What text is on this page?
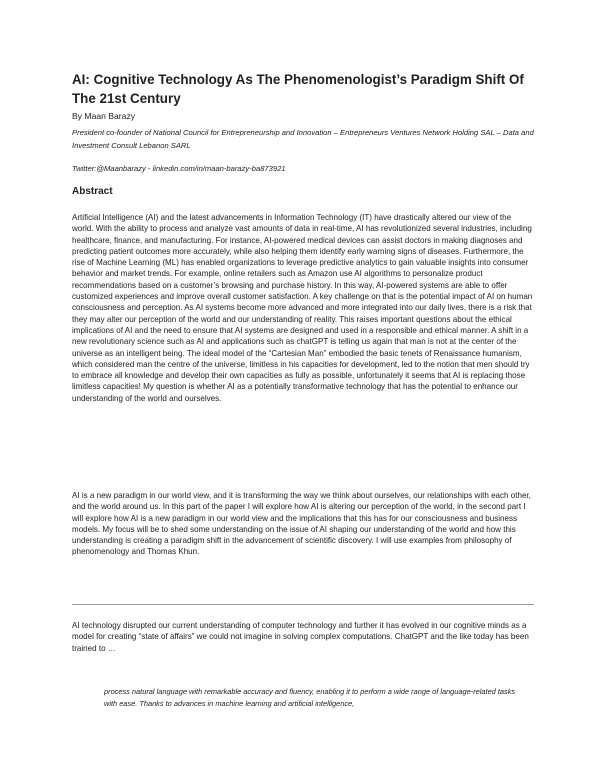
AI: Cognitive Technology As The Phenomenologist’s Paradigm Shift Of The 21st Century
By Maan Barazy
President co-founder of National Council for Entrepreneurship and Innovation – Entrepreneurs Ventures Network Holding SAL – Data and Investment Consult Lebanon SARL
Twitter:@Maanbarazy - linkedin.com/in/maan-barazy-ba873921
Abstract

Artificial Intelligence (AI) and the latest advancements in Information Technology (IT) have drastically altered our view of the world. With the ability to process and analyze vast amounts of data in real-time, AI has revolutionized several industries, including healthcare, finance, and manufacturing. For instance, AI-powered medical devices can assist doctors in making diagnoses and predicting patient outcomes more accurately, while also helping them identify early warning signs of diseases. Furthermore, the rise of Machine Learning (ML) has enabled organizations to leverage predictive analytics to gain valuable insights into consumer behavior and market trends. For example, online retailers such as Amazon use AI algorithms to personalize product recommendations based on a customer’s browsing and purchase history. In this way, AI-powered systems are able to offer customized experiences and improve overall customer satisfaction. A key challenge on that is the potential impact of AI on human consciousness and perception. As AI systems become more advanced and more integrated into our daily lives, there is a risk that they may alter our perception of the world and our understanding of reality. This raises important questions about the ethical implications of AI and the need to ensure that AI systems are designed and used in a responsible and ethical manner. A shift in a new revolutionary science such as AI and applications such as chatGPT is telling us again that man is not at the center of the universe as an intelligent being. The ideal model of the “Cartesian Man” embodied the basic tenets of Renaissance humanism, which considered man the centre of the universe, limitless in his capacities for development, led to the notion that men should try to embrace all knowledge and develop their own capacities as fully as possible, unfortunately it seems that AI is replacing those limitless capacities! My question is whether AI as a potentially transformative technology that has the potential to enhance our understanding of the world and ourselves.

AI is a new paradigm in our world view, and it is transforming the way we think about ourselves, our relationships with each other, and the world around us. In this part of the paper I will explore how AI is altering our perception of the world, in the second part I will explore how AI is a new paradigm in our world view and the implications that this has for our consciousness and business models. My focus will be to shed some understanding on the issue of AI shaping our understanding of the world and how this understanding is creating a paradigm shift in the advancement of scientific discovery. I will use examples from philosophy of phenomenology and Thomas Khun.

AI technology disrupted our current understanding of computer technology and further it has evolved in our cognitive minds as a model for creating “state of affairs” we could not imagine in solving complex computations. ChatGPT and the like today has been trained to …

process natural language with remarkable accuracy and fluency, enabling it to perform a wide range of language-related tasks with ease. Thanks to advances in machine learning and artificial intelligence,
